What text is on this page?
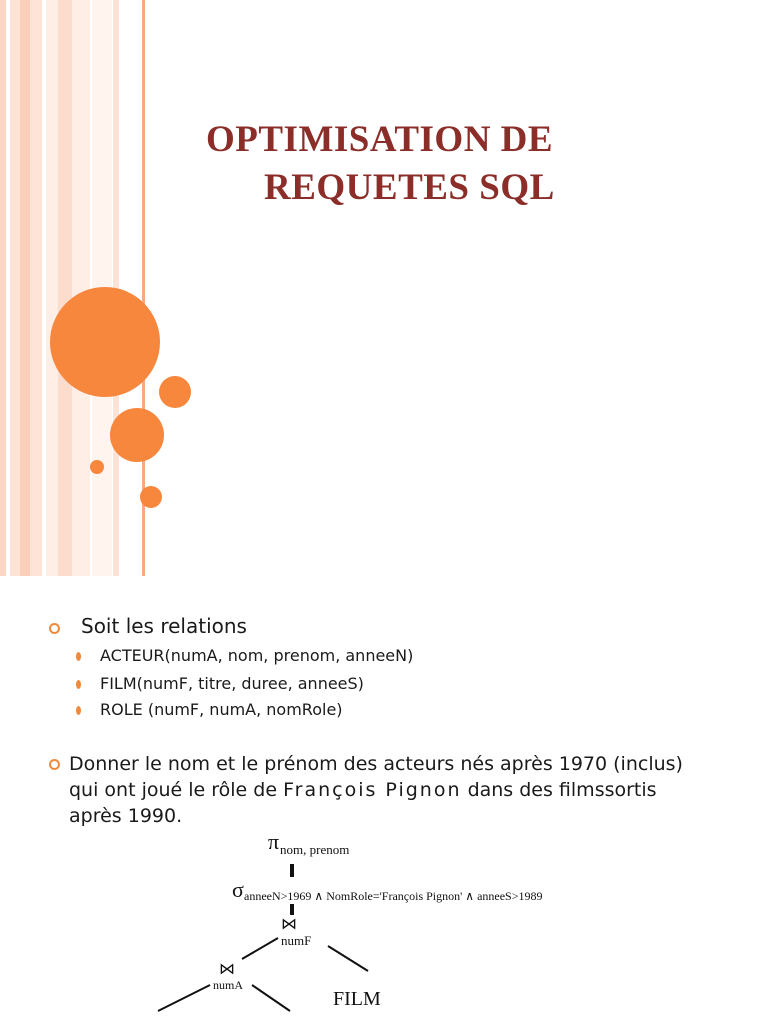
OPTIMISATION DE
REQUETES SQL
Soit les relations
ACTEUR(numA, nom, prenom, anneeN)
FILM(numF, titre, duree, anneeS)
ROLE (numF, numA, nomRole)
Donner le nom et le prénom des acteurs nés après 1970 (inclus) qui ont joué le rôle de François Pignon dans des filmssortis après 1990.
π nom, prenom
σ anneeN>1969 ∧ NomRole='François Pignon' ∧ anneeS>1989
⋈
numF
⋈
numA
FILM
